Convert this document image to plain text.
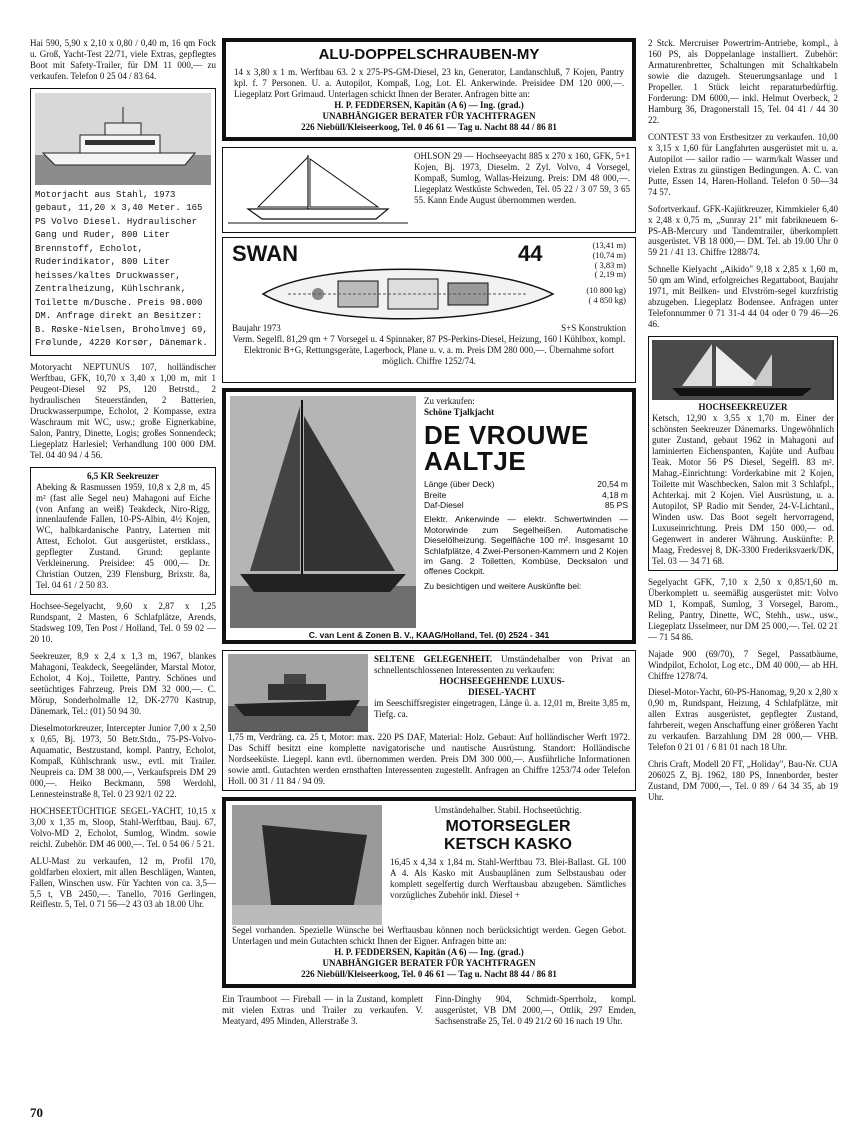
Hai 590, 5,90 x 2,10 x 0,80 / 0,40 m, 16 qm Fock u. Groß, Yacht-Test 22/71, viele Extras, gepflegtes Boot mit Safety-Trailer, für DM 11 000,— zu verkaufen. Telefon 0 25 04 / 83 64.

Motorjacht aus Stahl, 1973 gebaut, 11,20 x 3,40 Meter. 165 PS Volvo Diesel. Hydraulischer Gang und Ruder, 800 Liter Brennstoff, Echolot, Ruderindikator, 800 Liter heisses/kaltes Druckwasser, Zentralheizung, Kühlschrank, Toilette m/Dusche. Preis 98.000 DM. Anfrage direkt an Besitzer: B. Røske-Nielsen, Broholmvej 69, Frølunde, 4220 Korsør, Dänemark.

Motoryacht NEPTUNUS 107, holländischer Werftbau, GFK, 10,70 x 3,40 x 1,00 m, mit 1 Peugeot-Diesel 92 PS, 120 Betrstd., 2 hydraulischen Steuerständen, 2 Batterien, Druckwasserpumpe, Echolot, 2 Kompasse, extra Waschraum mit WC, usw.; große Eignerkabine, Salon, Pantry, Dinette, Logis; großes Sonnendeck; Liegeplatz Harlesiel; Verhandlung 100 000 DM. Tel. 04 40 94 / 4 56.

6,5 KR Seekreuzer

Abeking & Rasmussen 1959, 10,8 x 2,8 m, 45 m² (fast alle Segel neu) Mahagoni auf Eiche (von Anfang an weiß) Teakdeck, Niro-Rigg, innenlaufende Fallen, 10-PS-Albin, 4½ Kojen, WC, halbkardanische Pantry, Laternen mit Attest, Echolot. Gut ausgerüstet, erstklass., gepflegter Zustand. Grund: geplante Verkleinerung. Preisidee: 45 000,— Dr. Christian Outzen, 239 Flensburg, Brixstr. 8a, Tel. 04 61 / 2 50 83.

Hochsee-Segelyacht, 9,60 x 2,87 x 1,25 Rundspant, 2 Masten, 6 Schlafplätze, Arends, Stadsweg 109, Ten Post / Holland, Tel. 0 59 02 — 20 10.

Seekreuzer, 8,9 x 2,4 x 1,3 m, 1967, blankes Mahagoni, Teakdeck, Seegeländer, Marstal Motor, Echolot, 4 Koj., Toilette, Pantry. Schönes und seetüchtiges Fahrzeug. Preis DM 32 000,—. C. Mörup, Sonderholmalle 12, DK-2770 Kastrup, Dänemark, Tel.: (01) 50 94 30.

Dieselmotorkreuzer, Intercepter Junior 7,00 x 2,50 x 0,65, Bj. 1973, 50 Betr.Stdn., 75-PS-Volvo-Aquamatic, Bestzustand, kompl. Pantry, Echolot, Kompaß, Kühlschrank usw., evtl. mit Trailer. Neupreis ca. DM 38 000,—, Verkaufspreis DM 29 000,—. Heiko Beckmann, 598 Werdohl, Lennesteinstraße 8, Tel. 0 23 92/1 02 22.

HOCHSEETÜCHTIGE SEGEL-YACHT, 10,15 x 3,00 x 1,35 m, Sloop, Stahl-Werftbau, Bauj. 67, Volvo-MD 2, Echolot, Sumlog, Windm. sowie reichl. Zubehör. DM 46 000,—. Tel. 0 54 06 / 5 21.

ALU-Mast zu verkaufen, 12 m, Profil 170, goldfarben eloxiert, mit allen Beschlägen, Wanten, Fallen, Winschen usw. Für Yachten von ca. 3,5—5,5 t, VB 2450,—. Tanello, 7016 Gerlingen, Reiflestr. 5, Tel. 0 71 56—2 43 03 ab 18.00 Uhr.

ALU-DOPPELSCHRAUBEN-MY

14 x 3,80 x 1 m. Werftbau 63. 2 x 275-PS-GM-Diesel, 23 kn, Generator, Landanschluß, 7 Kojen, Pantry kpl. f. 7 Personen. U. a. Autopilot, Kompaß, Log, Lot. El. Ankerwinde. Preisidee DM 120 000,—. Liegeplatz Port Grimaud. Unterlagen schickt Ihnen der Berater. Anfragen bitte an:

H. P. FEDDERSEN, Kapitän (A 6) — Ing. (grad.)
UNABHÄNGIGER BERATER FÜR YACHTFRAGEN
226 Niebüll/Kleiseerkoog, Tel. 0 46 61 — Tag u. Nacht 88 44 / 86 81

OHLSON 29 — Hochseeyacht 885 x 270 x 160, GFK, 5+1 Kojen, Bj. 1973, Dieselm. 2 Zyl. Volvo, 4 Vorsegel, Kompaß, Sumlog, Wallas-Heizung. Preis: DM 48 000,—. Liegeplatz Westküste Schweden, Tel. 05 22 / 3 07 59, 3 65 55. Kann Ende August übernommen werden.

SWAN	44	(13,41 m)
(10,74 m)
( 3,83 m)
( 2,19 m)
(10 800 kg)
( 4 850 kg)
Baujahr 1973	S+S Konstruktion

Verm. Segelfl. 81,29 qm + 7 Vorsegel u. 4 Spinnaker, 87 PS-Perkins-Diesel, Heizung, 160 l Kühlbox, kompl. Elektronic B+G, Rettungsgeräte, Lagerbock, Plane u. v. a. m. Preis DM 280 000,—. Übernahme sofort möglich. Chiffre 1252/74.

Zu verkaufen:
Schöne Tjalkjacht
DE VROUWE
AALTJE
Länge (über Deck)	20,54 m
Breite	4,18 m
Daf-Diesel	85 PS

Elektr. Ankerwinde — elektr. Schwertwinden — Motorwinde zum Segelheißen. Automatische Dieselölheizung. Segelfläche 100 m². Insgesamt 10 Schlafplätze, 4 Zwei-Personen-Kammern und 2 Kojen im Gang. 2 Toiletten, Kombüse, Decksalon und offenes Cockpit.

Zu besichtigen und weitere Auskünfte bei:

C. van Lent & Zonen B. V., KAAG/Holland, Tel. (0) 2524 - 341
SELTENE GELEGENHEIT. Umständehalber von Privat an schnellentschlossenen Interessenten zu verkaufen:
HOCHSEEGEHENDE LUXUS-
DIESEL-YACHT

im Seeschiffsregister eingetragen, Länge ü. a. 12,01 m, Breite 3,85 m, Tiefg. ca.

1,75 m, Verdräng. ca. 25 t, Motor: max. 220 PS DAF, Material: Holz. Gebaut: Auf holländischer Werft 1972. Das Schiff besitzt eine komplette navigatorische und nautische Ausrüstung. Standort: Holländische Nordseeküste. Liegepl. kann evtl. übernommen werden. Preis DM 300 000,—. Ausführliche Informationen sowie amtl. Gutachten werden ernsthaften Interessenten zugestellt. Anfragen an Chiffre 1253/74 oder Telefon Holl. 00 31 / 11 84 / 94 09.

Umständehalber. Stabil. Hochseetüchtig.
MOTORSEGLER
KETSCH KASKO

16,45 x 4,34 x 1,84 m. Stahl-Werftbau 73. Blei-Ballast. GL 100 A 4. Als Kasko mit Ausbauplänen zum Selbstausbau oder komplett segelfertig durch Werftausbau abzugeben. Sämtliches vorzügliches Zubehör inkl. Diesel +

Segel vorhanden. Spezielle Wünsche bei Werftausbau können noch berücksichtigt werden. Gegen Gebot. Unterlagen und mein Gutachten schickt Ihnen der Eigner. Anfragen bitte an:

H. P. FEDDERSEN, Kapitän (A 6) — Ing. (grad.)
UNABHÄNGIGER BERATER FÜR YACHTFRAGEN
226 Niebüll/Kleiseerkoog, Tel. 0 46 61 — Tag u. Nacht 88 44 / 86 81

Ein Traumboot — Fireball — in la Zustand, komplett mit vielen Extras und Trailer zu verkaufen. V. Meatyard, 495 Minden, Allerstraße 3.

Finn-Dinghy 904, Schmidt-Sperrholz, kompl. ausgerüstet, VB DM 2000,—, Ottlik, 297 Emden, Sachsenstraße 25, Tel. 0 49 21/2 60 16 nach 19 Uhr.

2 Stck. Mercruiser Powertrim-Antriebe, kompl., à 160 PS, als Doppelanlage installiert. Zubehör: Armaturenbretter, Schaltungen mit Schaltkabeln sowie die dazugeh. Steuerungsanlage und 1 Propeller. 1 Stück leicht reparaturbedürftig. Forderung: DM 6000,— inkl. Helmut Overbeck, 2 Hamburg 36, Dragonerstall 15, Tel. 04 41 / 44 30 22.

CONTEST 33 von Erstbesitzer zu verkaufen. 10,00 x 3,15 x 1,60 für Langfahrten ausgerüstet mit u. a. Autopilot — sailor radio — warm/kalt Wasser und vielen Extras zu günstigen Bedingungen. A. C. van Putte, Essen 14, Haren-Holland. Telefon 0 50—34 74 57.

Sofortverkauf. GFK-Kajütkreuzer, Kimmkieler 6,40 x 2,48 x 0,75 m, „Sunray 21" mit fabrikneuem 6-PS-AB-Mercury und Tandemtrailer, überkomplett ausgerüstet. VB 18 000,— DM. Tel. ab 19.00 Uhr 0 59 21 / 41 13. Chiffre 1288/74.

Schnelle Kielyacht „Aikido" 9,18 x 2,85 x 1,60 m, 50 qm am Wind, erfolgreiches Regattaboot, Baujahr 1971, mit Beilken- und Elvström-segel kurzfristig abzugeben. Liegeplatz Bodensee. Anfragen unter Telefonnummer 0 71 31-4 44 04 oder 0 79 46—26 46.

HOCHSEEKREUZER

Ketsch, 12,90 x 3,55 x 1,70 m. Einer der schönsten Seekreuzer Dänemarks. Ungewöhnlich guter Zustand, gebaut 1962 in Mahagoni auf laminierten Eichenspanten, Kajüte und Aufbau Teak. Motor 56 PS Diesel, Segelfl. 83 m². Mahag.-Einrichtung: Vorderkabine mit 2 Kojen, Toilette mit Waschbecken, Salon mit 3 Schlafpl., Achterkaj. mit 2 Kojen. Viel Ausrüstung, u. a. Autopilot, SP Radio mit Sender, 24-V-Lichtanl., Winden usw. Das Boot segelt hervorragend, Luxuseinrichtung. Preis DM 150 000,— od. Gegenwert in anderer Währung. Auskünfte: P. Maag, Fredesvej 8, DK-3300 Frederiksvaerk/DK, Tel. 03 — 34 71 68.

Segelyacht GFK, 7,10 x 2,50 x 0,85/1,60 m. Überkomplett u. seemäßig ausgerüstet mit: Volvo MD 1, Kompaß, Sumlog, 3 Vorsegel, Barom., Reling, Pantry, Dinette, WC, Stehh., usw., usw., Liegeplatz IJsselmeer, nur DM 25 000,—. Tel. 02 21 — 71 54 86.

Najade 900 (69/70), 7 Segel, Passatbäume, Windpilot, Echolot, Log etc., DM 40 000,— ab HH. Chiffre 1278/74.

Diesel-Motor-Yacht, 60-PS-Hanomag, 9,20 x 2,80 x 0,90 m, Rundspant, Heizung, 4 Schlafplätze, mit allen Extras ausgerüstet, gepflegter Zustand, fahrbereit, wegen Anschaffung einer größeren Yacht zu verkaufen. Barzahlung DM 28 000,— VHB. Telefon 0 21 01 / 6 81 01 nach 18 Uhr.

Chris Craft, Modell 20 FT, „Holiday", Bau-Nr. CUA 206025 Z, Bj. 1962, 180 PS, Innenborder, bester Zustand, DM 7000,—, Tel. 0 89 / 64 34 35, ab 19 Uhr.

70
